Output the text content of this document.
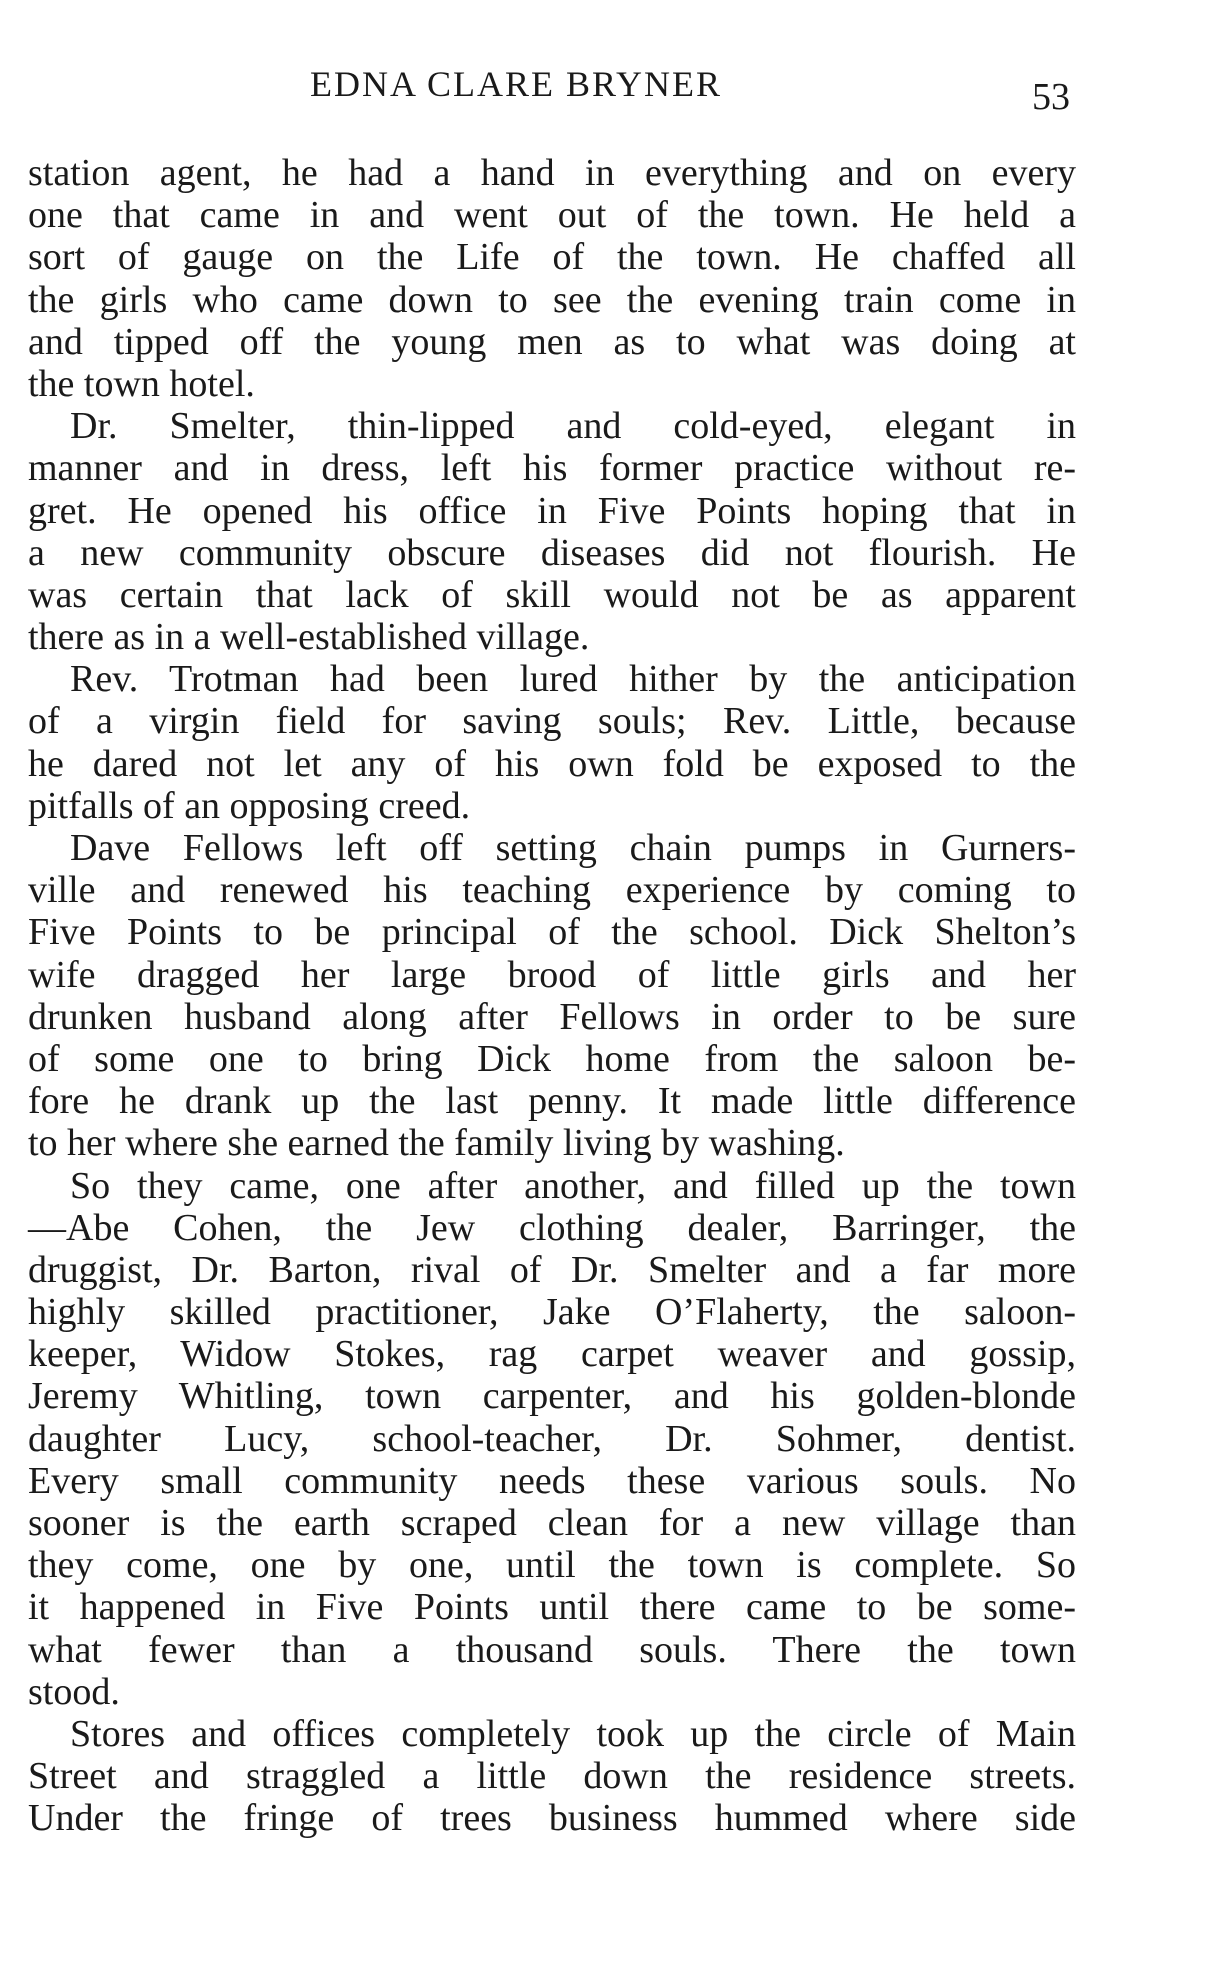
EDNA CLARE BRYNER	53
station agent, he had a hand in everything and on every
one that came in and went out of the town. He held a
sort of gauge on the Life of the town. He chaffed all
the girls who came down to see the evening train come in
and tipped off the young men as to what was doing at
the town hotel.
Dr. Smelter, thin-lipped and cold-eyed, elegant in
manner and in dress, left his former practice without re-
gret. He opened his office in Five Points hoping that in
a new community obscure diseases did not flourish. He
was certain that lack of skill would not be as apparent
there as in a well-established village.
Rev. Trotman had been lured hither by the anticipation
of a virgin field for saving souls; Rev. Little, because
he dared not let any of his own fold be exposed to the
pitfalls of an opposing creed.
Dave Fellows left off setting chain pumps in Gurners-
ville and renewed his teaching experience by coming to
Five Points to be principal of the school. Dick Shelton’s
wife dragged her large brood of little girls and her
drunken husband along after Fellows in order to be sure
of some one to bring Dick home from the saloon be-
fore he drank up the last penny. It made little difference
to her where she earned the family living by washing.
So they came, one after another, and filled up the town
—Abe Cohen, the Jew clothing dealer, Barringer, the
druggist, Dr. Barton, rival of Dr. Smelter and a far more
highly skilled practitioner, Jake O’Flaherty, the saloon-
keeper, Widow Stokes, rag carpet weaver and gossip,
Jeremy Whitling, town carpenter, and his golden-blonde
daughter Lucy, school-teacher, Dr. Sohmer, dentist.
Every small community needs these various souls. No
sooner is the earth scraped clean for a new village than
they come, one by one, until the town is complete. So
it happened in Five Points until there came to be some-
what fewer than a thousand souls. There the town
stood.
Stores and offices completely took up the circle of Main
Street and straggled a little down the residence streets.
Under the fringe of trees business hummed where side
